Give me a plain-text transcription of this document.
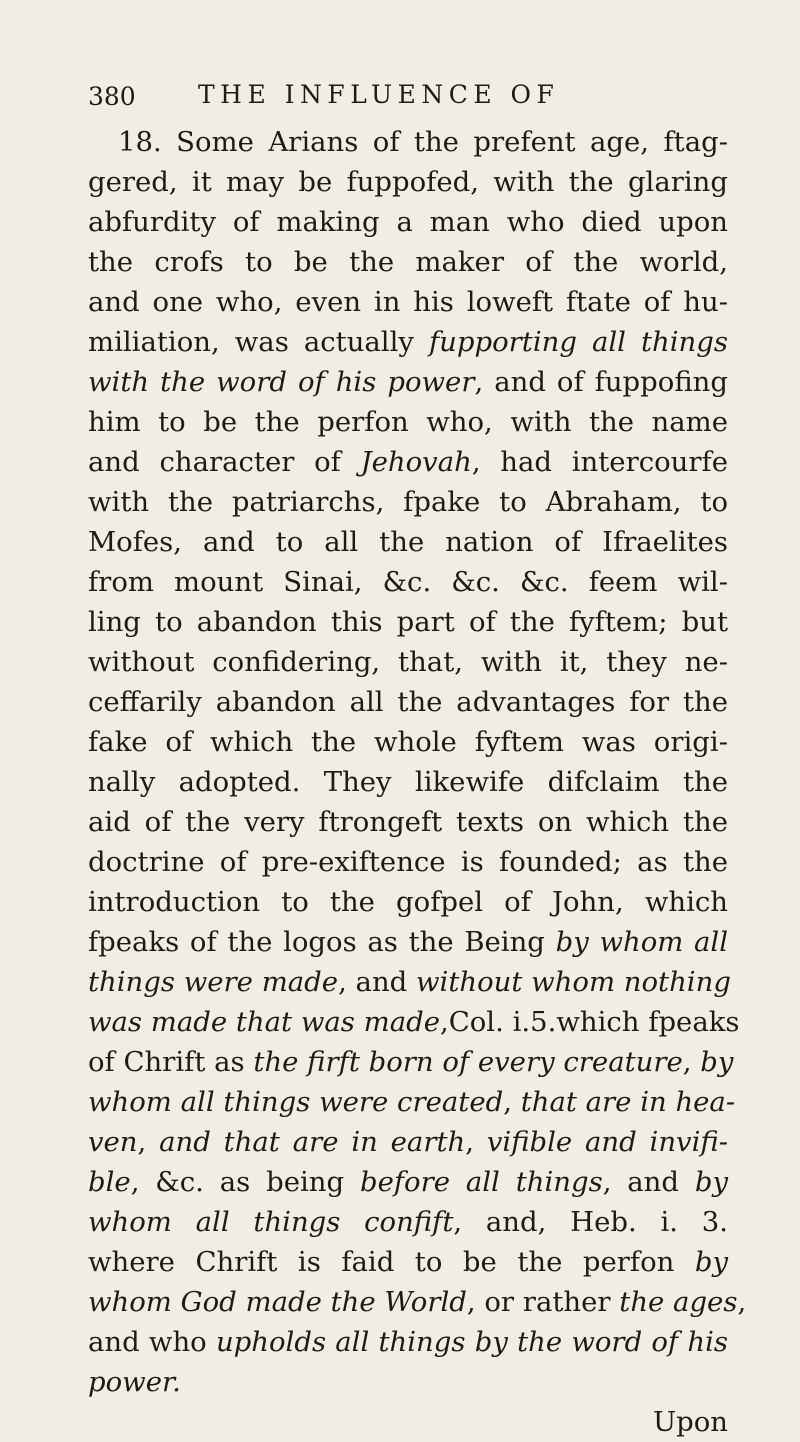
380 THE INFLUENCE OF
18. Some Arians of the prefent age, ftag-
gered, it may be fuppofed, with the glaring
abfurdity of making a man who died upon
the crofs to be the maker of the world,
and one who, even in his loweft ftate of hu-
miliation, was actually fupporting all things
with the word of his power, and of fuppofing
him to be the perfon who, with the name
and character of Jehovah, had intercourfe
with the patriarchs, fpake to Abraham, to
Mofes, and to all the nation of Ifraelites
from mount Sinai, &c. &c. &c. feem wil-
ling to abandon this part of the fyftem; but
without confidering, that, with it, they ne-
ceffarily abandon all the advantages for the
fake of which the whole fyftem was origi-
nally adopted. They likewife difclaim the
aid of the very ftrongeft texts on which the
doctrine of pre-exiftence is founded; as the
introduction to the gofpel of John, which
fpeaks of the logos as the Being by whom all
things were made, and without whom nothing
was made that was made,Col. i.5.which fpeaks
of Chrift as the firft born of every creature, by
whom all things were created, that are in hea-
ven, and that are in earth, vifible and invifi-
ble, &c. as being before all things, and by
whom all things confift, and, Heb. i. 3.
where Chrift is faid to be the perfon by
whom God made the World, or rather the ages,
and who upholds all things by the word of his
power.
Upon
